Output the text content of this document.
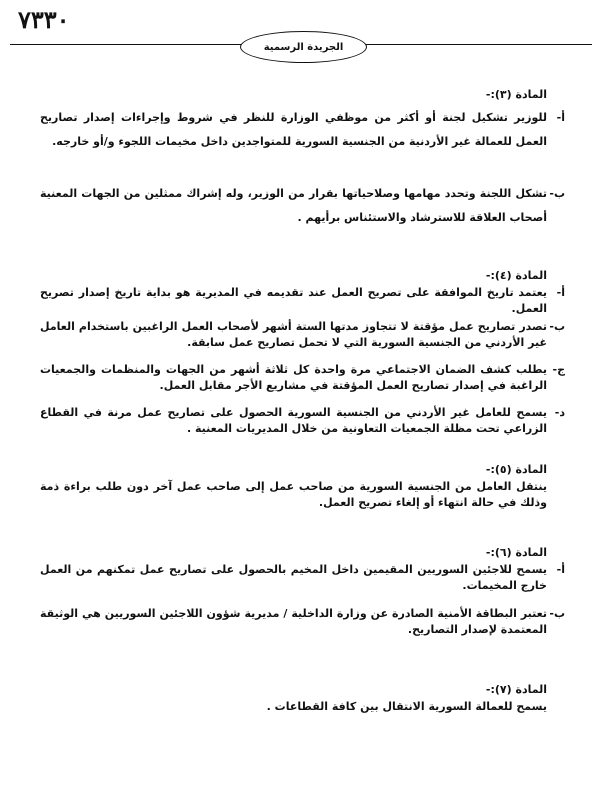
٧٣٣٠
الجريدة الرسمية
المادة (٣):-
أ-
للوزير تشكيل لجنة أو أكثر من موظفي الوزارة للنظر في شروط وإجراءات إصدار تصاريح العمل للعمالة غير الأردنية من الجنسية السورية للمتواجدين داخل مخيمات اللجوء و/أو خارجه.
ب-
تشكل اللجنة وتحدد مهامها وصلاحياتها بقرار من الوزير، وله إشراك ممثلين من الجهات المعنية أصحاب العلاقة للاسترشاد والاستئناس برأيهم .
المادة (٤):-
أ-
يعتمد تاريخ الموافقة على تصريح العمل عند تقديمه في المديرية هو بداية تاريخ إصدار تصريح العمل.
ب-
تصدر تصاريح عمل مؤقتة لا تتجاوز مدتها الستة أشهر لأصحاب العمل الراغبين باستخدام العامل غير الأردني من الجنسية السورية التي لا تحمل تصاريح عمل سابقة.
ج-
يطلب كشف الضمان الاجتماعي مرة واحدة كل ثلاثة أشهر من الجهات والمنظمات والجمعيات الراغبة في إصدار تصاريح العمل المؤقتة في مشاريع الأجر مقابل العمل.
د-
يسمح للعامل غير الأردني من الجنسية السورية الحصول على تصاريح عمل مرنة في القطاع الزراعي تحت مظلة الجمعيات التعاونية من خلال المديريات المعنية .
المادة (٥):-
ينتقل العامل من الجنسية السورية من صاحب عمل إلى صاحب عمل آخر دون طلب براءة ذمة وذلك في حالة انتهاء أو إلغاء تصريح العمل.
المادة (٦):-
أ-
يسمح للاجئين السوريين المقيمين داخل المخيم بالحصول على تصاريح عمل تمكنهم من العمل خارج المخيمات.
ب-
تعتبر البطاقة الأمنية الصادرة عن وزارة الداخلية / مديرية شؤون اللاجئين السوريين هي الوثيقة المعتمدة لإصدار التصاريح.
المادة (٧):-
يسمح للعمالة السورية الانتقال بين كافة القطاعات .
